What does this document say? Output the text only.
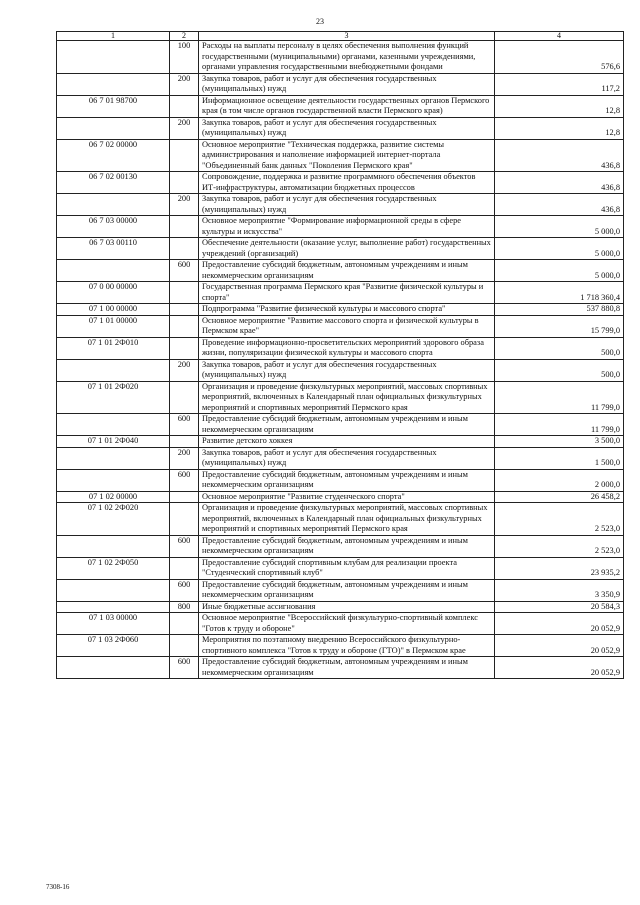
23
1	2	3	4
	100	Расходы на выплаты персоналу в целях обеспечения выполнения функций государственными (муниципальными) органами, казенными учреждениями, органами управления государственными внебюджетными фондами	576,6
	200	Закупка товаров, работ и услуг для обеспечения государственных (муниципальных) нужд	117,2
06 7 01 98700		Информационное освещение деятельности государственных органов Пермского края (в том числе органов государственной власти Пермского края)	12,8
	200	Закупка товаров, работ и услуг для обеспечения государственных (муниципальных) нужд	12,8
06 7 02 00000		Основное мероприятие "Техническая поддержка, развитие системы администрирования и наполнение информацией интернет-портала "Объединенный банк данных "Поколения Пермского края"	436,8
06 7 02 00130		Сопровождение, поддержка и развитие программного обеспечения объектов ИТ-инфраструктуры, автоматизации бюджетных процессов	436,8
	200	Закупка товаров, работ и услуг для обеспечения государственных (муниципальных) нужд	436,8
06 7 03 00000		Основное мероприятие "Формирование информационной среды в сфере культуры и искусства"	5 000,0
06 7 03 00110		Обеспечение деятельности (оказание услуг, выполнение работ) государственных учреждений (организаций)	5 000,0
	600	Предоставление субсидий бюджетным, автономным учреждениям и иным некоммерческим организациям	5 000,0
07 0 00 00000		Государственная программа Пермского края "Развитие физической культуры и спорта"	1 718 360,4
07 1 00 00000		Подпрограмма "Развитие физической культуры и массового спорта"	537 880,8
07 1 01 00000		Основное мероприятие "Развитие массового спорта и физической культуры в Пермском крае"	15 799,0
07 1 01 2Ф010		Проведение информационно-просветительских мероприятий здорового образа жизни, популяризации физической культуры и массового спорта	500,0
	200	Закупка товаров, работ и услуг для обеспечения государственных (муниципальных) нужд	500,0
07 1 01 2Ф020		Организация и проведение физкультурных мероприятий, массовых спортивных мероприятий, включенных в Календарный план официальных физкультурных мероприятий и спортивных мероприятий Пермского края	11 799,0
	600	Предоставление субсидий бюджетным, автономным учреждениям и иным некоммерческим организациям	11 799,0
07 1 01 2Ф040		Развитие детского хоккея	3 500,0
	200	Закупка товаров, работ и услуг для обеспечения государственных (муниципальных) нужд	1 500,0
	600	Предоставление субсидий бюджетным, автономным учреждениям и иным некоммерческим организациям	2 000,0
07 1 02 00000		Основное мероприятие "Развитие студенческого спорта"	26 458,2
07 1 02 2Ф020		Организация и проведение физкультурных мероприятий, массовых спортивных мероприятий, включенных в Календарный план официальных физкультурных мероприятий и спортивных мероприятий Пермского края	2 523,0
	600	Предоставление субсидий бюджетным, автономным учреждениям и иным некоммерческим организациям	2 523,0
07 1 02 2Ф050		Предоставление субсидий спортивным клубам для реализации проекта "Студенческий спортивный клуб"	23 935,2
	600	Предоставление субсидий бюджетным, автономным учреждениям и иным некоммерческим организациям	3 350,9
	800	Иные бюджетные ассигнования	20 584,3
07 1 03 00000		Основное мероприятие "Всероссийский физкультурно-спортивный комплекс "Готов к труду и обороне"	20 052,9
07 1 03 2Ф060		Мероприятия по поэтапному внедрению Всероссийского физкультурно-спортивного комплекса "Готов к труду и обороне (ГТО)" в Пермском крае	20 052,9
	600	Предоставление субсидий бюджетным, автономным учреждениям и иным некоммерческим организациям	20 052,9
7308-16
